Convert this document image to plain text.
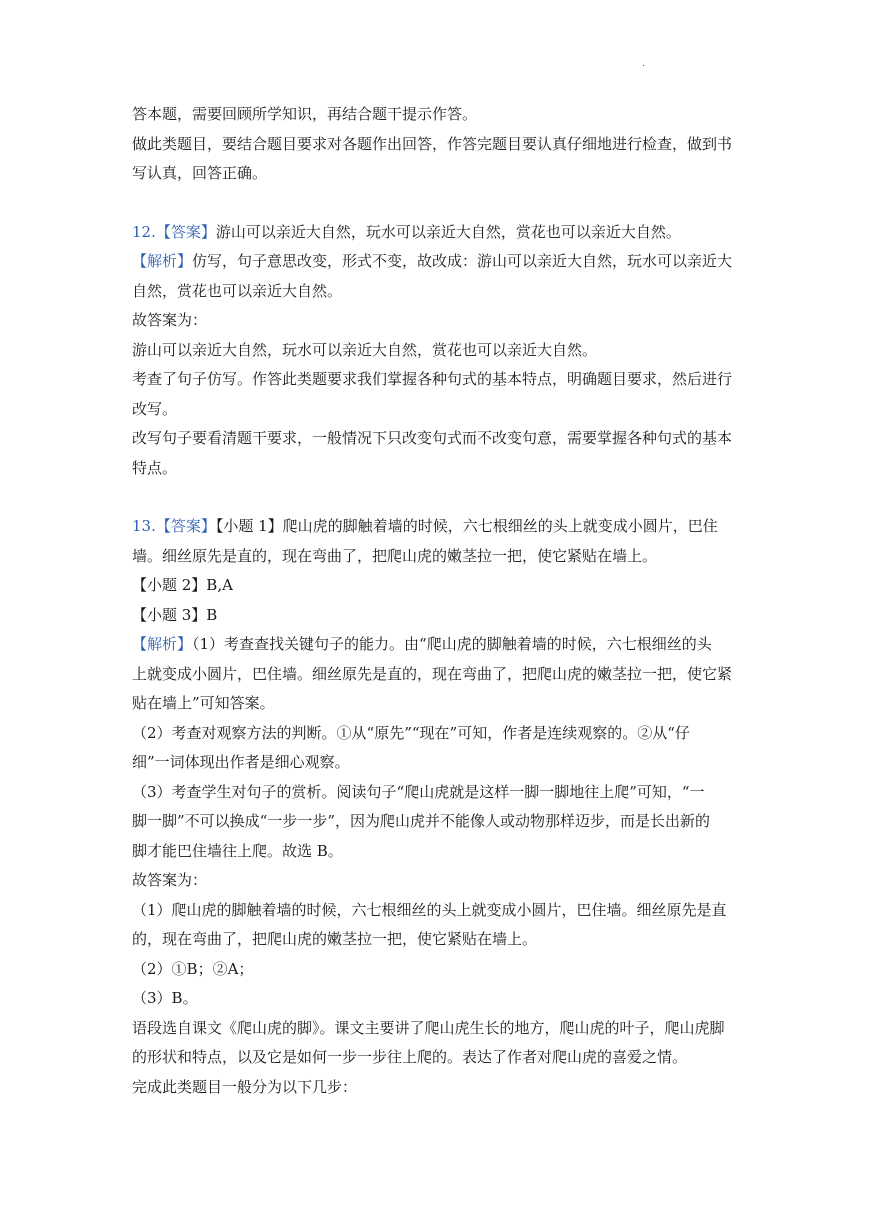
.

答本题，需要回顾所学知识，再结合题干提示作答。

做此类题目，要结合题目要求对各题作出回答，作答完题目要认真仔细地进行检查，做到书

写认真，回答正确。

12.【答案】游山可以亲近大自然，玩水可以亲近大自然，赏花也可以亲近大自然。

【解析】仿写，句子意思改变，形式不变，故改成：游山可以亲近大自然，玩水可以亲近大

自然，赏花也可以亲近大自然。

故答案为：

游山可以亲近大自然，玩水可以亲近大自然，赏花也可以亲近大自然。

考查了句子仿写。作答此类题要求我们掌握各种句式的基本特点，明确题目要求，然后进行

改写。

改写句子要看清题干要求，一般情况下只改变句式而不改变句意，需要掌握各种句式的基本

特点。

13.【答案】【小题 1】爬山虎的脚触着墙的时候，六七根细丝的头上就变成小圆片，巴住

墙。细丝原先是直的，现在弯曲了，把爬山虎的嫩茎拉一把，使它紧贴在墙上。

【小题 2】B,A

【小题 3】B

【解析】（1）考查查找关键句子的能力。由“爬山虎的脚触着墙的时候，六七根细丝的头

上就变成小圆片，巴住墙。细丝原先是直的，现在弯曲了，把爬山虎的嫩茎拉一把，使它紧

贴在墙上”可知答案。

（2）考查对观察方法的判断。①从“原先”“现在”可知，作者是连续观察的。②从“仔

细”一词体现出作者是细心观察。

（3）考查学生对句子的赏析。阅读句子“爬山虎就是这样一脚一脚地往上爬”可知，“一

脚一脚”不可以换成“一步一步”，因为爬山虎并不能像人或动物那样迈步，而是长出新的

脚才能巴住墙往上爬。故选 B。

故答案为：

（1）爬山虎的脚触着墙的时候，六七根细丝的头上就变成小圆片，巴住墙。细丝原先是直

的，现在弯曲了，把爬山虎的嫩茎拉一把，使它紧贴在墙上。

（2）①B；②A；

（3）B。

语段选自课文《爬山虎的脚》。课文主要讲了爬山虎生长的地方，爬山虎的叶子，爬山虎脚

的形状和特点，以及它是如何一步一步往上爬的。表达了作者对爬山虎的喜爱之情。

完成此类题目一般分为以下几步：
